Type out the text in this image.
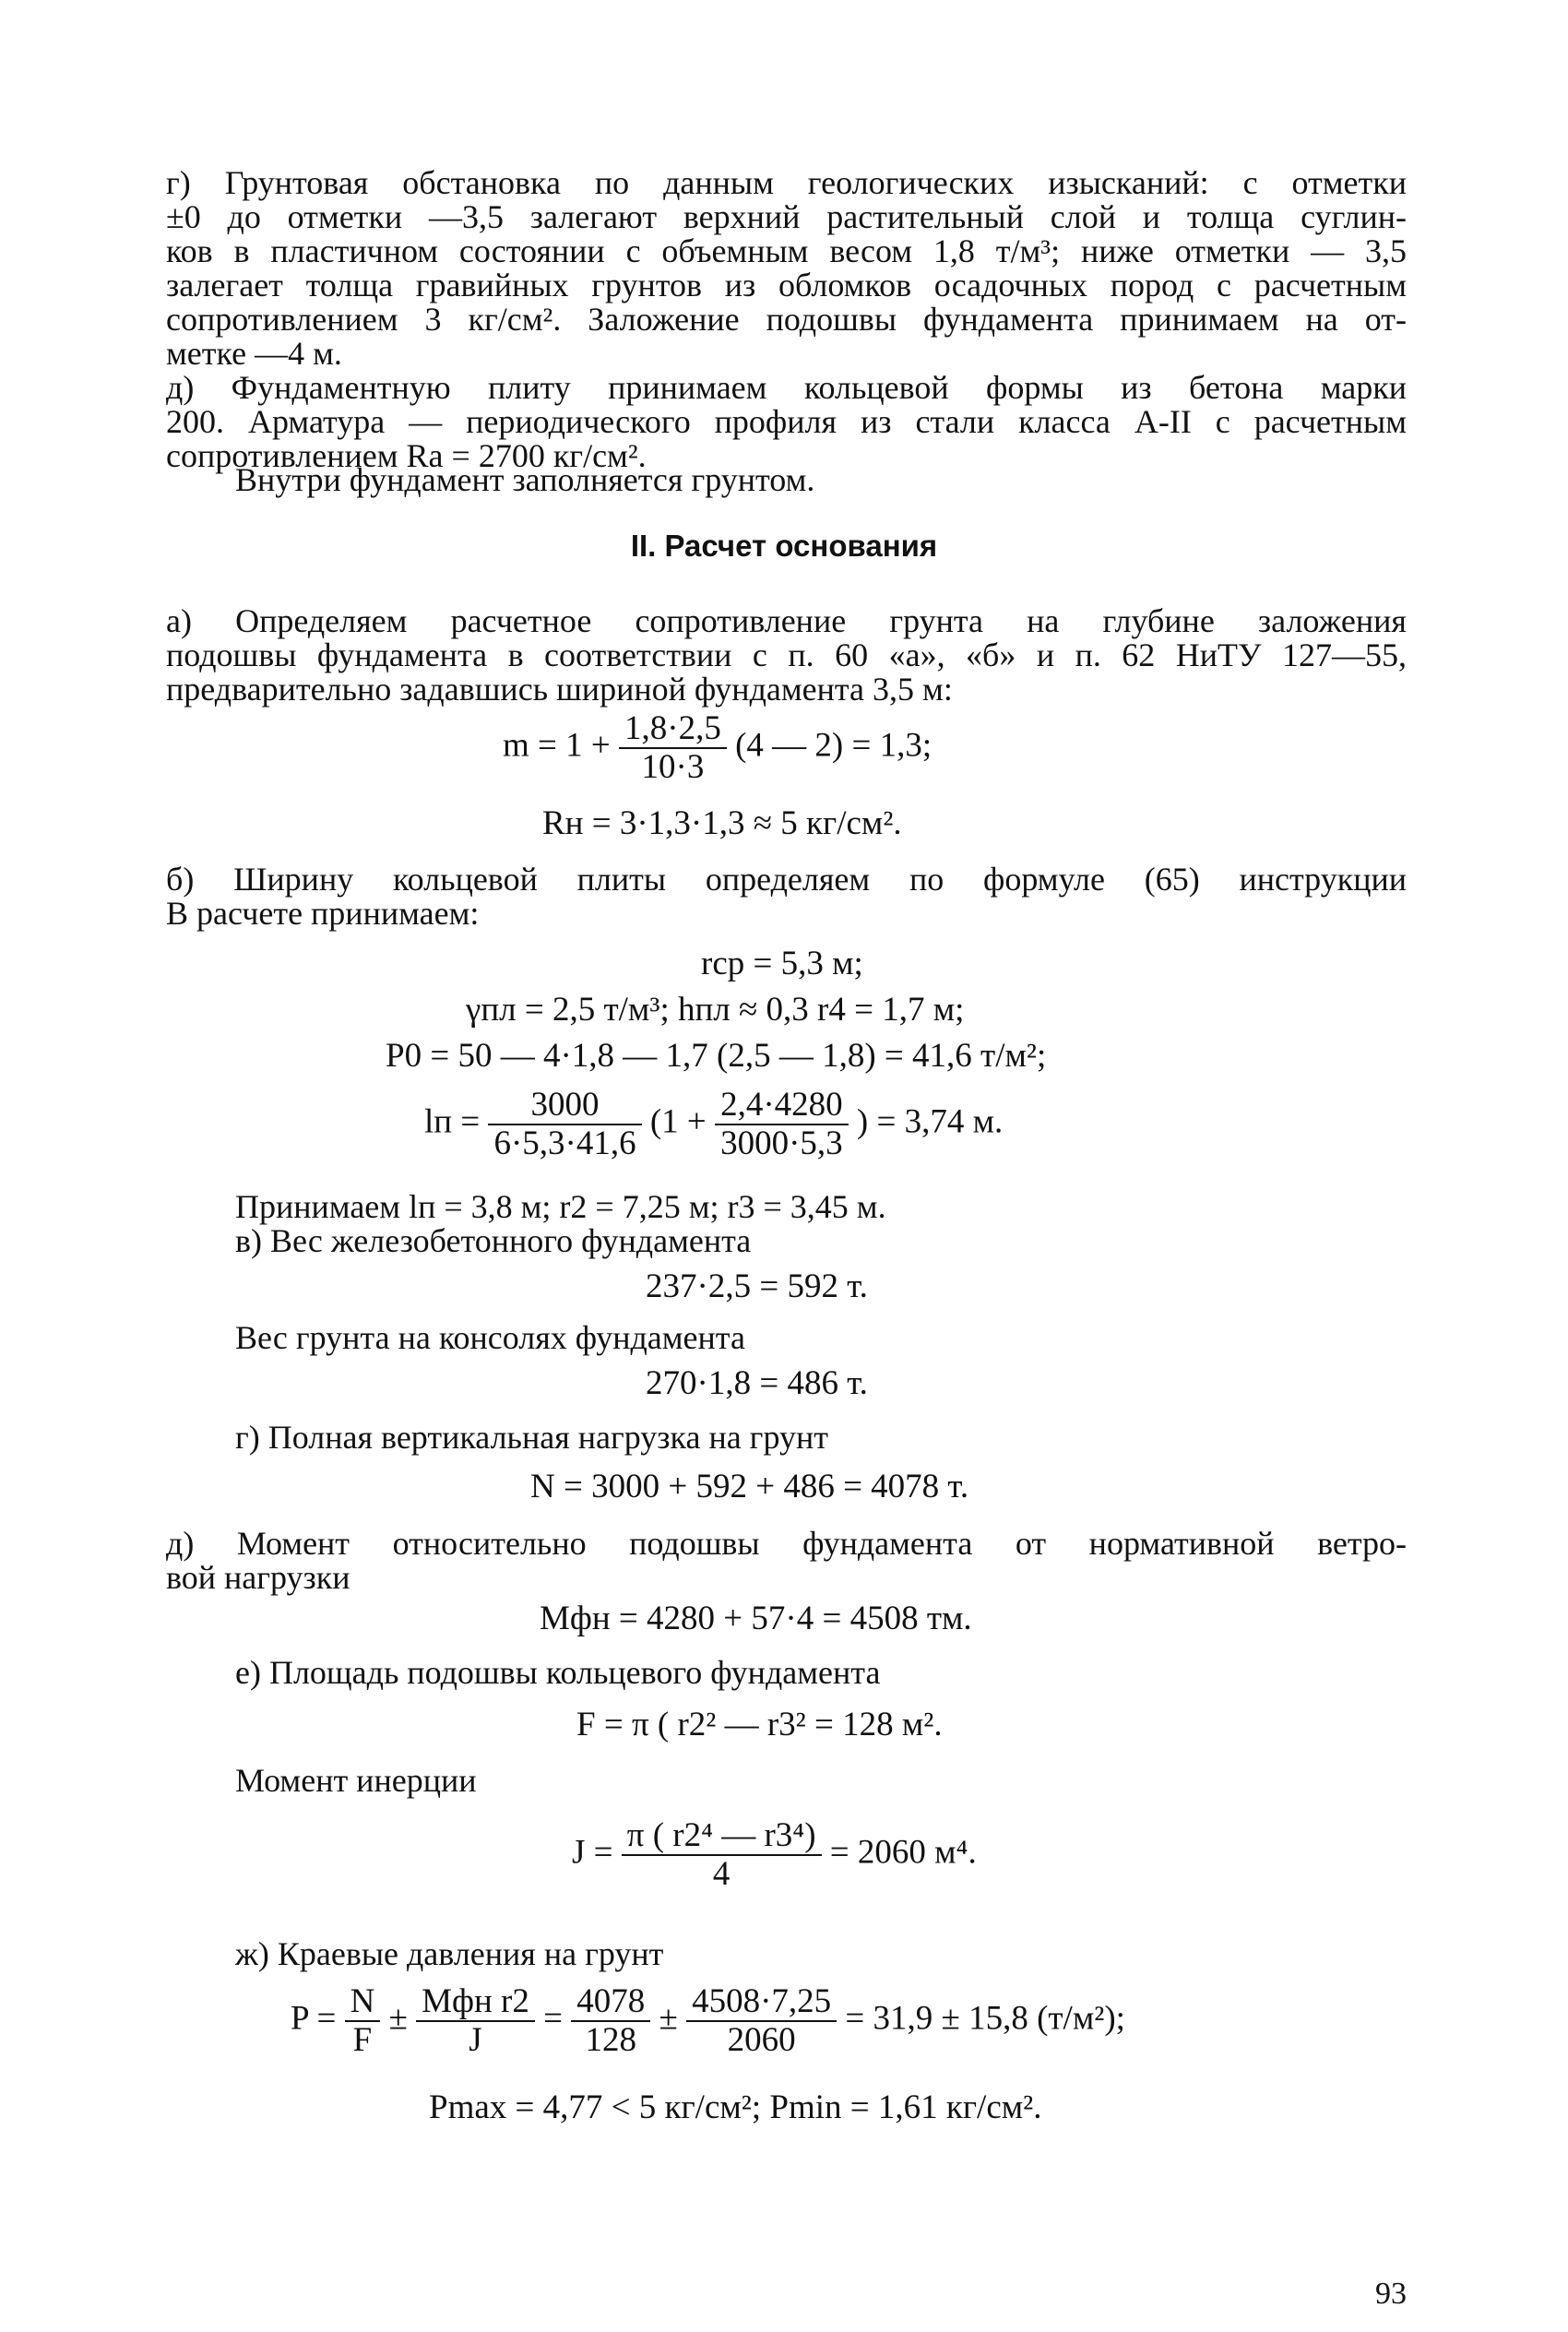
г) Грунтовая обстановка по данным геологических изысканий: с отметки
±0 до отметки —3,5 залегают верхний растительный слой и толща суглин-
ков в пластичном состоянии с объемным весом 1,8 т/м³; ниже отметки — 3,5
залегает толща гравийных грунтов из обломков осадочных пород с расчетным
сопротивлением 3 кг/см². Заложение подошвы фундамента принимаем на от-
метке —4 м.
д) Фундаментную плиту принимаем кольцевой формы из бетона марки
200. Арматура — периодического профиля из стали класса А-II с расчетным
сопротивлением Rа = 2700 кг/см².

Внутри фундамент заполняется грунтом.

II. Расчет основания
а) Определяем расчетное сопротивление грунта на глубине заложения
подошвы фундамента в соответствии с п. 60 «а», «б» и п. 62 НиТУ 127—55,
предварительно задавшись шириной фундамента 3,5 м:
$m = 1 + \frac{1,8\cdot 2,5}{10\cdot 3} (4$ — 2) = 1,3;
Rн = 3·1,3·1,3 ≈ 5 кг/см².
б) Ширину кольцевой плиты определяем по формуле (65) инструкции
В расчете принимаем:
rср = 5,3 м;
γпл = 2,5 т/м³; hпл ≈ 0,3 r4 = 1,7 м;
P0 = 50 — 4·1,8 — 1,7 (2,5 — 1,8) = 41,6 т/м²;
lп = $\frac{3000}{6\cdot 5,3\cdot 41,6} (1 + \frac{2,4\cdot 4280}{3000\cdot 5,3}$ ) = 3,74 м.

Принимаем lп = 3,8 м; r2 = 7,25 м; r3 = 3,45 м.

в) Вес железобетонного фундамента

237·2,5 = 592 т.

Вес грунта на консолях фундамента

270·1,8 = 486 т.

г) Полная вертикальная нагрузка на грунт

N = 3000 + 592 + 486 = 4078 т.
д) Момент относительно подошвы фундамента от нормативной ветро-
вой нагрузки
Mфн = 4280 + 57·4 = 4508 тм.

е) Площадь подошвы кольцевого фундамента

F = π ( r2² — r3² = 128 м².

Момент инерции

$J = \frac{\text{π ( r2⁴ — r3⁴)}}{4} = 2060$ м⁴.

ж) Краевые давления на грунт

$P = \frac{N}{F} \pm \frac{\text{Mфн r2}}{J} = \frac{4078}{128} \pm \frac{4508\cdot 7,25}{2060} = 31,9 \pm 15,8$ (т/м²);
Pmax = 4,77 < 5 кг/см²; Pmin = 1,61 кг/см².
93
